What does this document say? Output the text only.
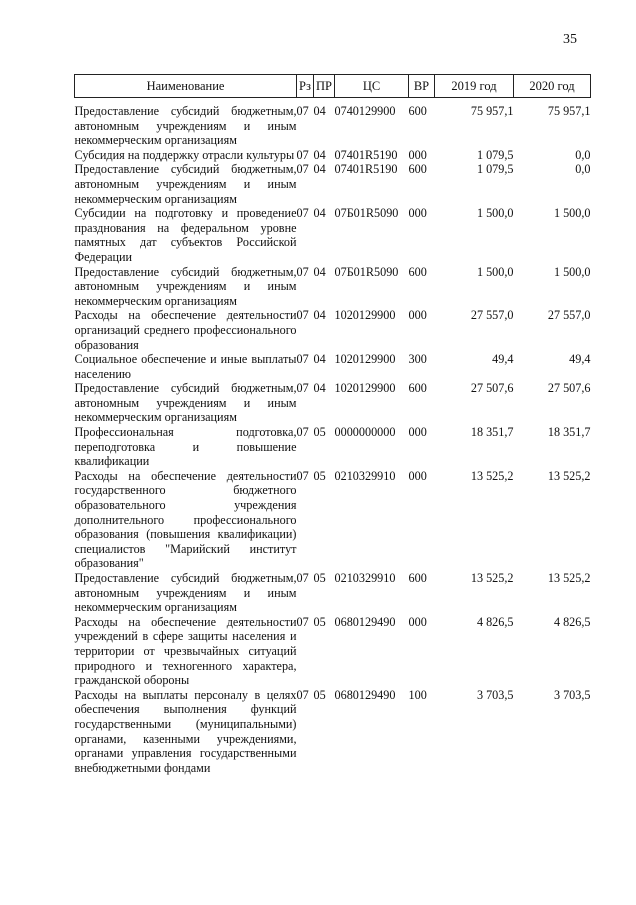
35
Наименование	Рз	ПР	ЦС	ВР	2019 год	2020 год
Предоставление субсидий бюджетным, автономным учреждениям и иным некоммерческим организациям	07	04	0740129900	600	75 957,1	75 957,1
Субсидия на поддержку отрасли культуры	07	04	07401R5190	000	1 079,5	0,0
Предоставление субсидий бюджетным, автономным учреждениям и иным некоммерческим организациям	07	04	07401R5190	600	1 079,5	0,0
Субсидии на подготовку и проведение празднования на федеральном уровне памятных дат субъектов Российской Федерации	07	04	07Б01R5090	000	1 500,0	1 500,0
Предоставление субсидий бюджетным, автономным учреждениям и иным некоммерческим организациям	07	04	07Б01R5090	600	1 500,0	1 500,0
Расходы на обеспечение деятельности организаций среднего профессионального образования	07	04	1020129900	000	27 557,0	27 557,0
Социальное обеспечение и иные выплаты населению	07	04	1020129900	300	49,4	49,4
Предоставление субсидий бюджетным, автономным учреждениям и иным некоммерческим организациям	07	04	1020129900	600	27 507,6	27 507,6
Профессиональная подготовка, переподготовка и повышение квалификации	07	05	0000000000	000	18 351,7	18 351,7
Расходы на обеспечение деятельности государственного бюджетного образовательного учреждения дополнительного профессионального образования (повышения квалификации) специалистов "Марийский институт образования"	07	05	0210329910	000	13 525,2	13 525,2
Предоставление субсидий бюджетным, автономным учреждениям и иным некоммерческим организациям	07	05	0210329910	600	13 525,2	13 525,2
Расходы на обеспечение деятельности учреждений в сфере защиты населения и территории от чрезвычайных ситуаций природного и техногенного характера, гражданской обороны	07	05	0680129490	000	4 826,5	4 826,5
Расходы на выплаты персоналу в целях обеспечения выполнения функций государственными (муниципальными) органами, казенными учреждениями, органами управления государственными внебюджетными фондами	07	05	0680129490	100	3 703,5	3 703,5
